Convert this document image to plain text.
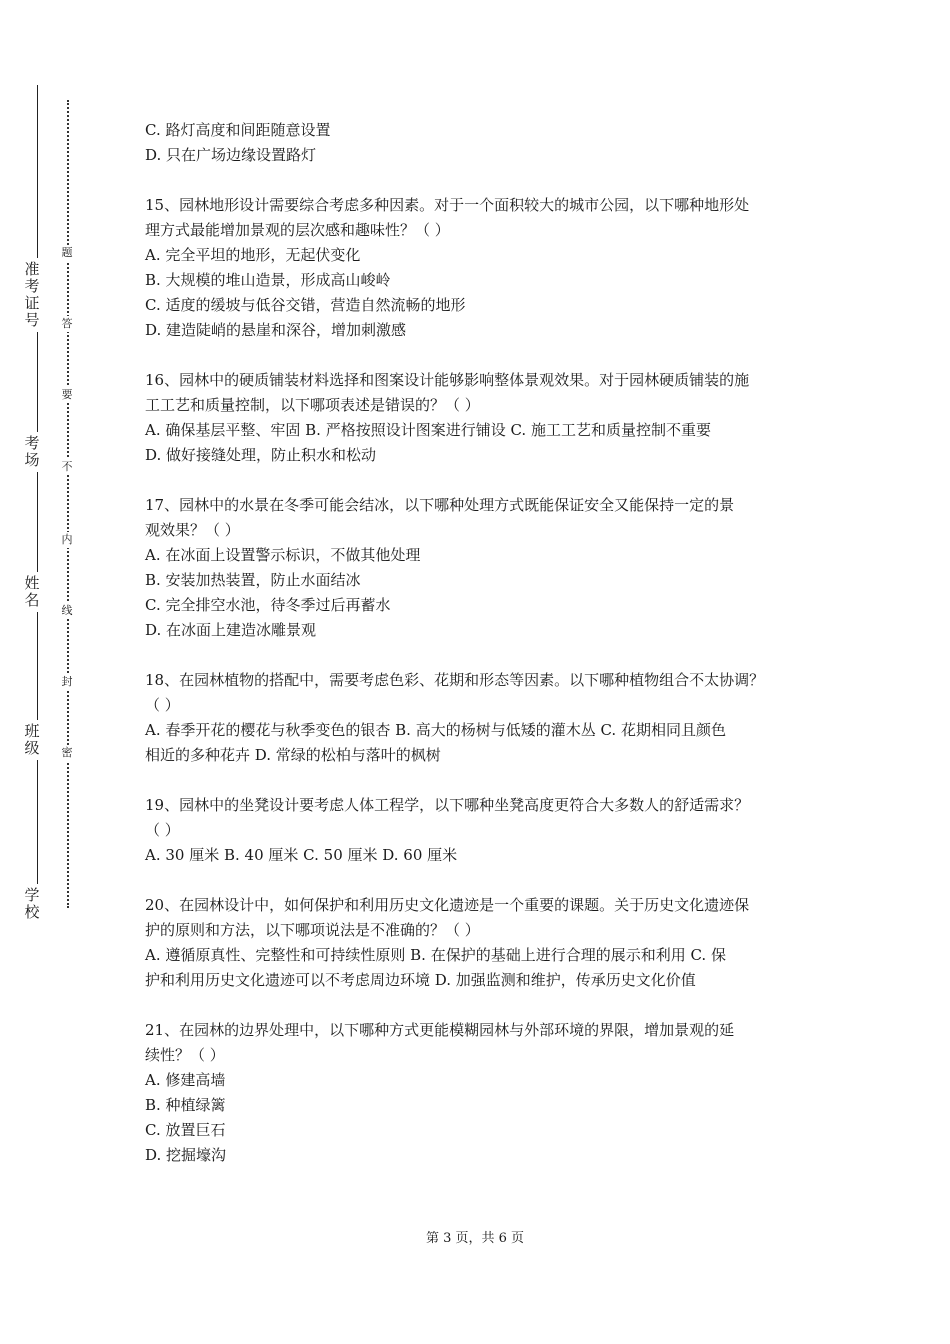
准考证号
考场
姓名
班级
学校
题
答
要
不
内
线
封
密

C. 路灯高度和间距随意设置

D. 只在广场边缘设置路灯

15、园林地形设计需要综合考虑多种因素。对于一个面积较大的城市公园，以下哪种地形处

理方式最能增加景观的层次感和趣味性？（ ）

A. 完全平坦的地形，无起伏变化

B. 大规模的堆山造景，形成高山峻岭

C. 适度的缓坡与低谷交错，营造自然流畅的地形

D. 建造陡峭的悬崖和深谷，增加刺激感

16、园林中的硬质铺装材料选择和图案设计能够影响整体景观效果。对于园林硬质铺装的施

工工艺和质量控制，以下哪项表述是错误的？（ ）

A. 确保基层平整、牢固 B. 严格按照设计图案进行铺设 C. 施工工艺和质量控制不重要

D. 做好接缝处理，防止积水和松动

17、园林中的水景在冬季可能会结冰，以下哪种处理方式既能保证安全又能保持一定的景

观效果？（ ）

A. 在冰面上设置警示标识，不做其他处理

B. 安装加热装置，防止水面结冰

C. 完全排空水池，待冬季过后再蓄水

D. 在冰面上建造冰雕景观

18、在园林植物的搭配中，需要考虑色彩、花期和形态等因素。以下哪种植物组合不太协调？

（ ）

A. 春季开花的樱花与秋季变色的银杏 B. 高大的杨树与低矮的灌木丛 C. 花期相同且颜色

相近的多种花卉 D. 常绿的松柏与落叶的枫树

19、园林中的坐凳设计要考虑人体工程学，以下哪种坐凳高度更符合大多数人的舒适需求？

（ ）

A. 30 厘米 B. 40 厘米 C. 50 厘米 D. 60 厘米

20、在园林设计中，如何保护和利用历史文化遗迹是一个重要的课题。关于历史文化遗迹保

护的原则和方法，以下哪项说法是不准确的？（ ）

A. 遵循原真性、完整性和可持续性原则 B. 在保护的基础上进行合理的展示和利用 C. 保

护和利用历史文化遗迹可以不考虑周边环境 D. 加强监测和维护，传承历史文化价值

21、在园林的边界处理中，以下哪种方式更能模糊园林与外部环境的界限，增加景观的延

续性？（ ）

A. 修建高墙

B. 种植绿篱

C. 放置巨石

D. 挖掘壕沟

第 3 页，共 6 页
